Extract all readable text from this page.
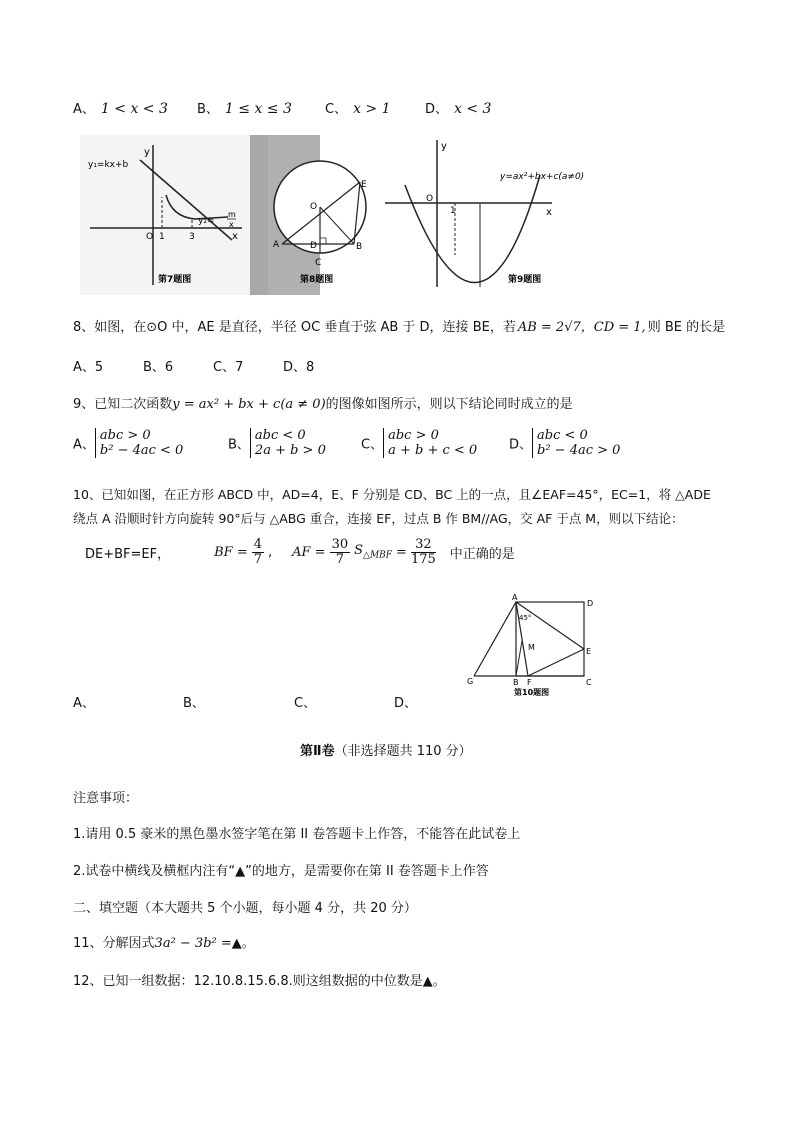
A、 1 < x < 3 B、 1 ≤ x ≤ 3	C、 x > 1	D、 x < 3
y₁=kx+b
y₂=
m
x
y
x
O 1	3
第7题图
O
E
A	B
D
C
第8题图
y=ax²+bx+c(a≠0)
y
x
O
1
第9题图
8、如图，在⊙O 中，AE 是直径，半径 OC 垂直于弦 AB 于 D，连接 BE，若 AB = 2√7，CD = 1, 则 BE 的长是
A、5	B、6	C、7	D、8
9、已知二次函数y = ax² + bx + c(a ≠ 0)的图像如图所示，则以下结论同时成立的是
A、
abc > 0
b² − 4ac < 0	B、
abc < 0
2a + b > 0	C、
abc > 0
a + b + c < 0 D、
abc < 0
b² − 4ac > 0
10、已知如图，在正方形 ABCD 中，AD=4，E、F 分别是 CD、BC 上的一点，且∠EAF=45°，EC=1，将 △ADE
绕点 A 沿顺时针方向旋转 90°后与 △ABG 重合，连接 EF，过点 B 作 BM//AG，交 AF 于点 M，则以下结论：
DE+BF=EF，	BF = $\frac{4}{7}$ , AF = $\frac{30}{7} S_{\triangle MBF} = \frac{32}{175}$ 中正确的是
A
D
45°
M	E
G	B F	C
第10题图
A、	B、	C、	D、
第Ⅱ卷（非选择题共 110 分）
注意事项：
1.请用 0.5 豪米的黑色墨水签字笔在第 II 卷答题卡上作答，不能答在此试卷上
2.试卷中横线及横框内注有“▲”的地方，是需要你在第 II 卷答题卡上作答
二、填空题（本大题共 5 个小题，每小题 4 分，共 20 分）
11、分解因式3a² − 3b² =▲。
12、已知一组数据：12.10.8.15.6.8.则这组数据的中位数是▲。
